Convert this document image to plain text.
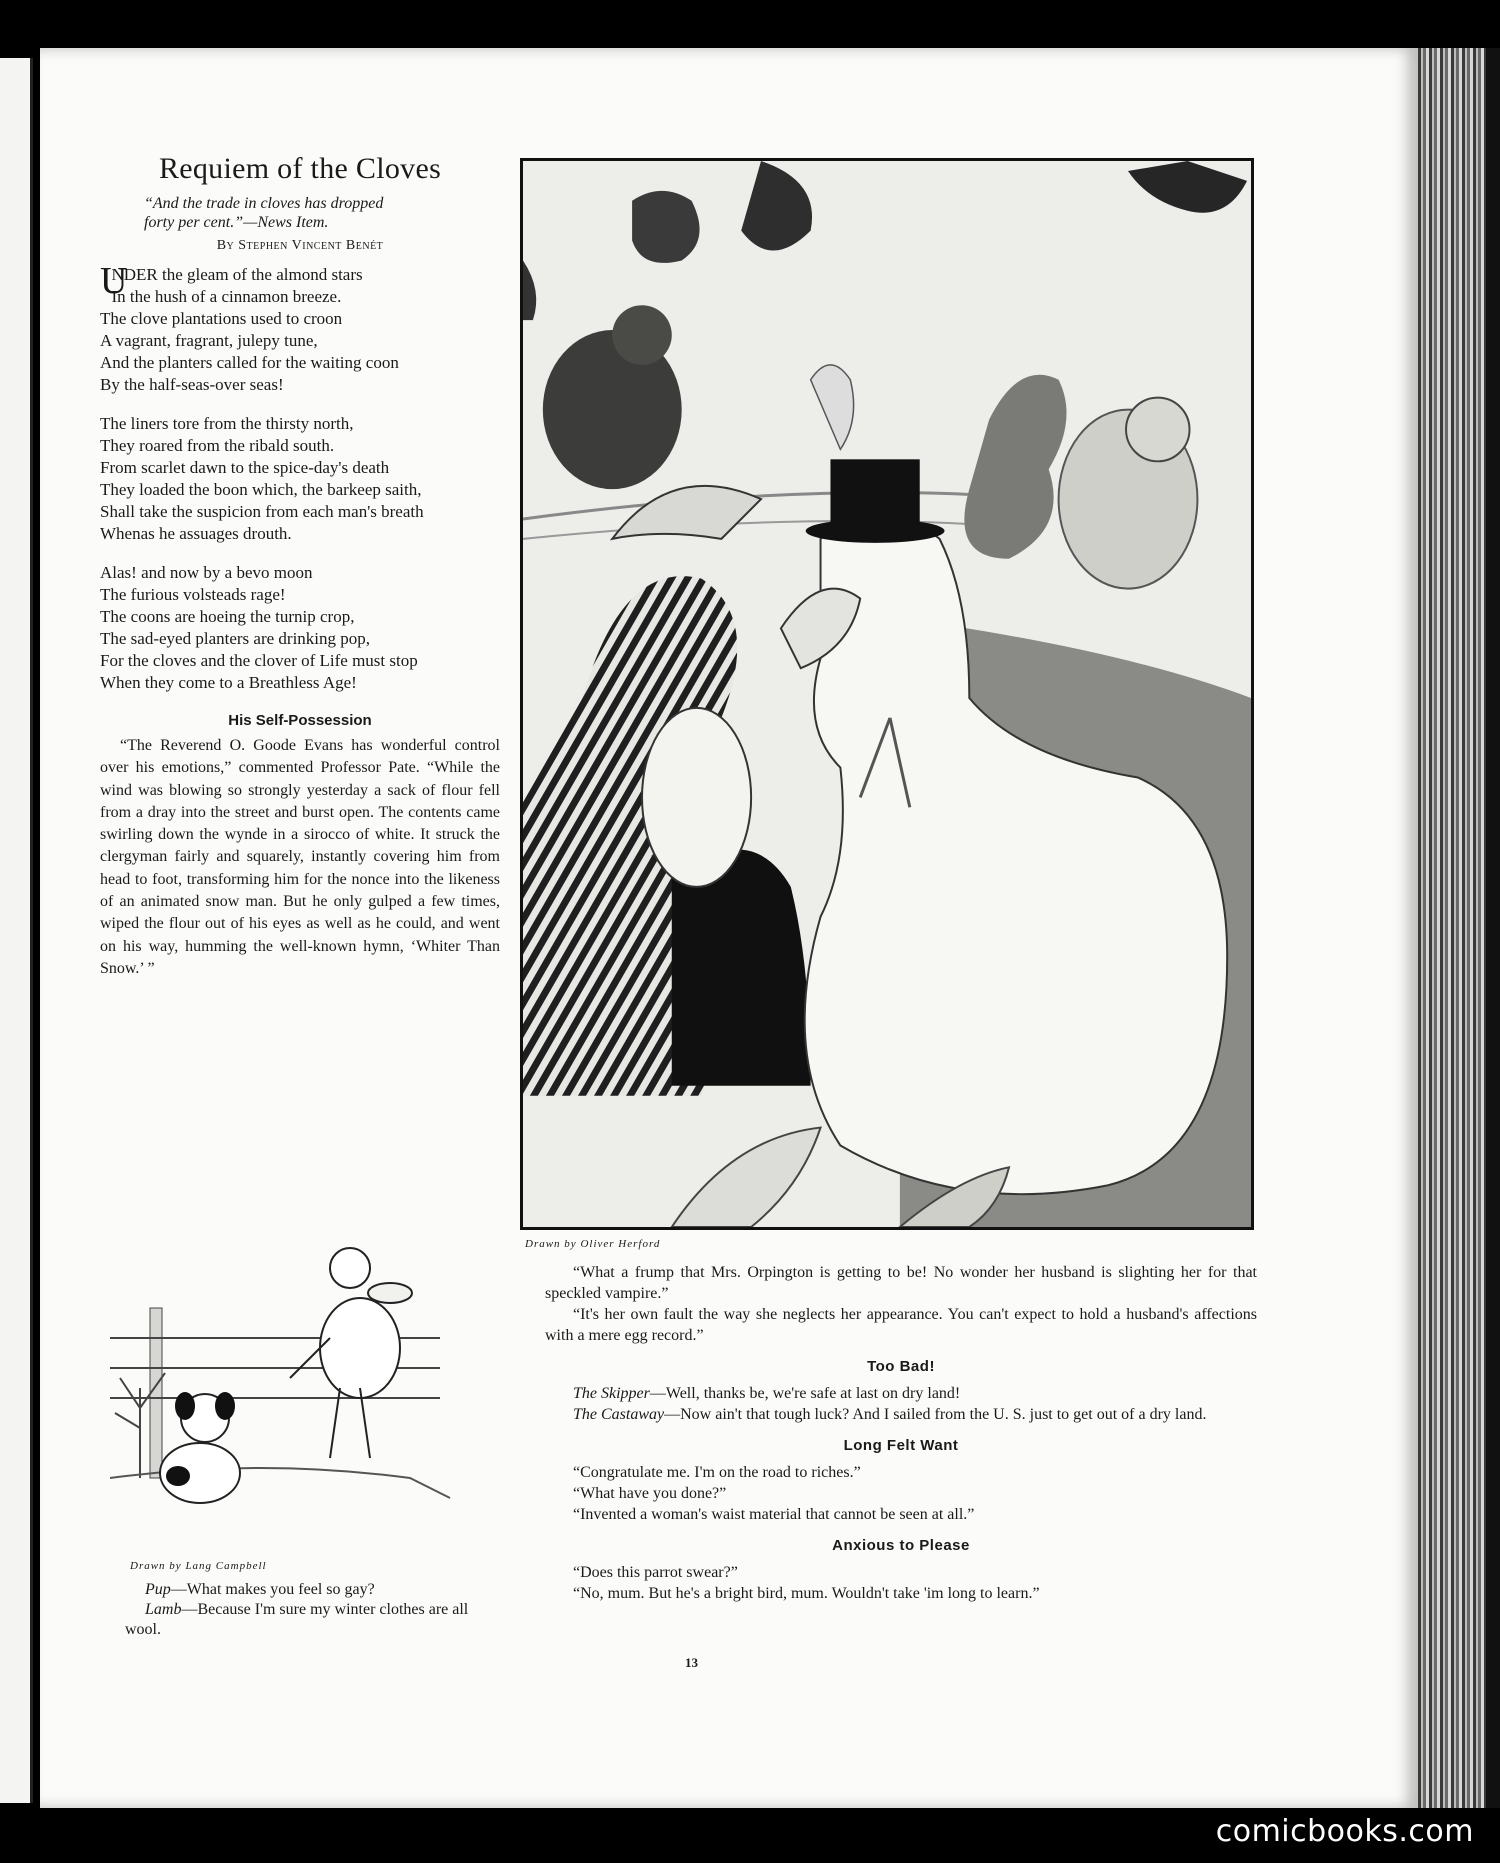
Requiem of the Cloves
“And the trade in cloves has dropped
forty per cent.”—News Item.
By Stephen Vincent Benét
U
NDER the gleam of the almond stars
In the hush of a cinnamon breeze.
The clove plantations used to croon
A vagrant, fragrant, julepy tune,
And the planters called for the waiting coon
By the half-seas-over seas!
The liners tore from the thirsty north,
They roared from the ribald south.
From scarlet dawn to the spice-day's death
They loaded the boon which, the barkeep saith,
Shall take the suspicion from each man's breath
Whenas he assuages drouth.
Alas! and now by a bevo moon
The furious volsteads rage!
The coons are hoeing the turnip crop,
The sad-eyed planters are drinking pop,
For the cloves and the clover of Life must stop
When they come to a Breathless Age!
His Self-Possession

“The Reverend O. Goode Evans has wonderful control over his emotions,” commented Professor Pate. “While the wind was blowing so strongly yesterday a sack of flour fell from a dray into the street and burst open. The contents came swirling down the wynde in a sirocco of white. It struck the clergyman fairly and squarely, instantly covering him from head to foot, transforming him for the nonce into the likeness of an animated snow man. But he only gulped a few times, wiped the flour out of his eyes as well as he could, and went on his way, humming the well-known hymn, ‘Whiter Than Snow.’ ”

Drawn by Oliver Herford

“What a frump that Mrs. Orpington is getting to be! No wonder her husband is slighting her for that speckled vampire.”

“It's her own fault the way she neglects her appearance. You can't expect to hold a husband's affections with a mere egg record.”

Too Bad!

The Skipper—Well, thanks be, we're safe at last on dry land!

The Castaway—Now ain't that tough luck? And I sailed from the U. S. just to get out of a dry land.

Long Felt Want

“Congratulate me. I'm on the road to riches.”

“What have you done?”

“Invented a woman's waist material that cannot be seen at all.”

Anxious to Please

“Does this parrot swear?”

“No, mum. But he's a bright bird, mum. Wouldn't take 'im long to learn.”

Drawn by Lang Campbell

Pup—What makes you feel so gay?

Lamb—Because I'm sure my winter clothes are all wool.

13
comicbooks.com
